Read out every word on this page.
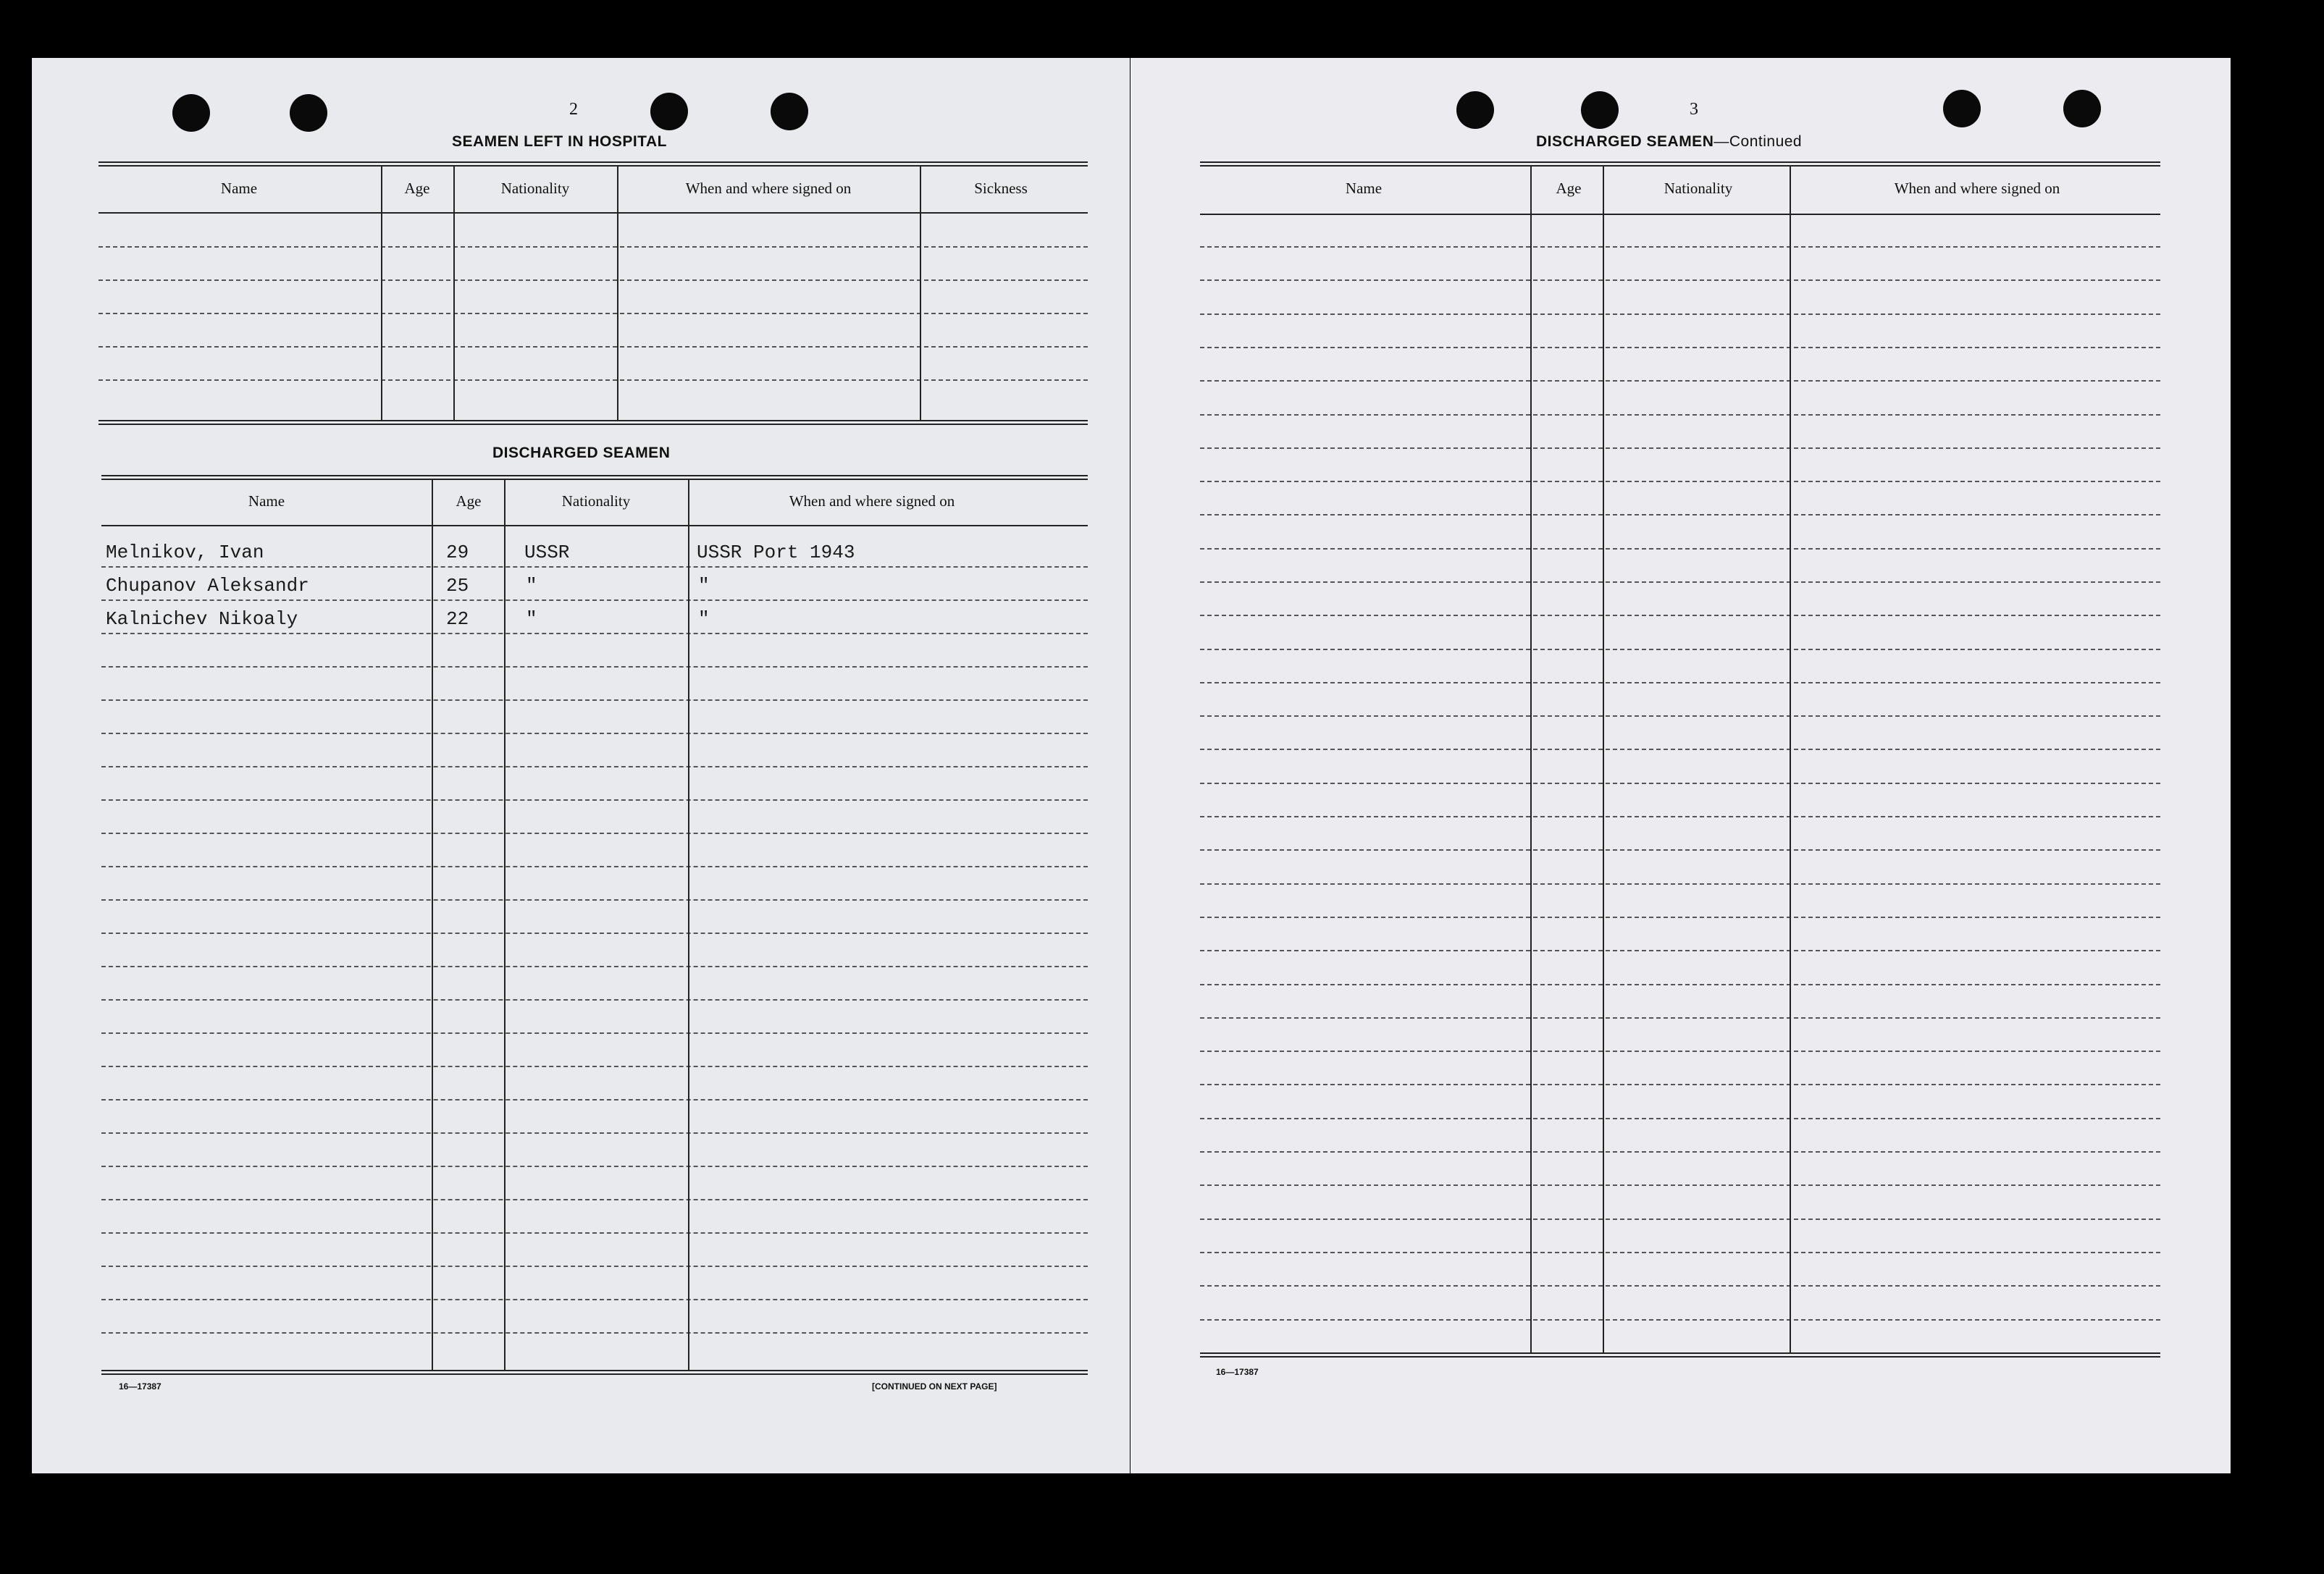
2
SEAMEN LEFT IN HOSPITAL
Name	Age	Nationality	When and where signed on	Sickness
DISCHARGED SEAMEN
Name	Age	Nationality	When and where signed on
Melnikov, Ivan	29	USSR	USSR Port 1943
Chupanov Aleksandr	25	"	"
Kalnichev Nikoaly	22	"	"
16—17387	[CONTINUED ON NEXT PAGE]
3
DISCHARGED SEAMEN—Continued
Name	Age	Nationality	When and where signed on
16—17387
